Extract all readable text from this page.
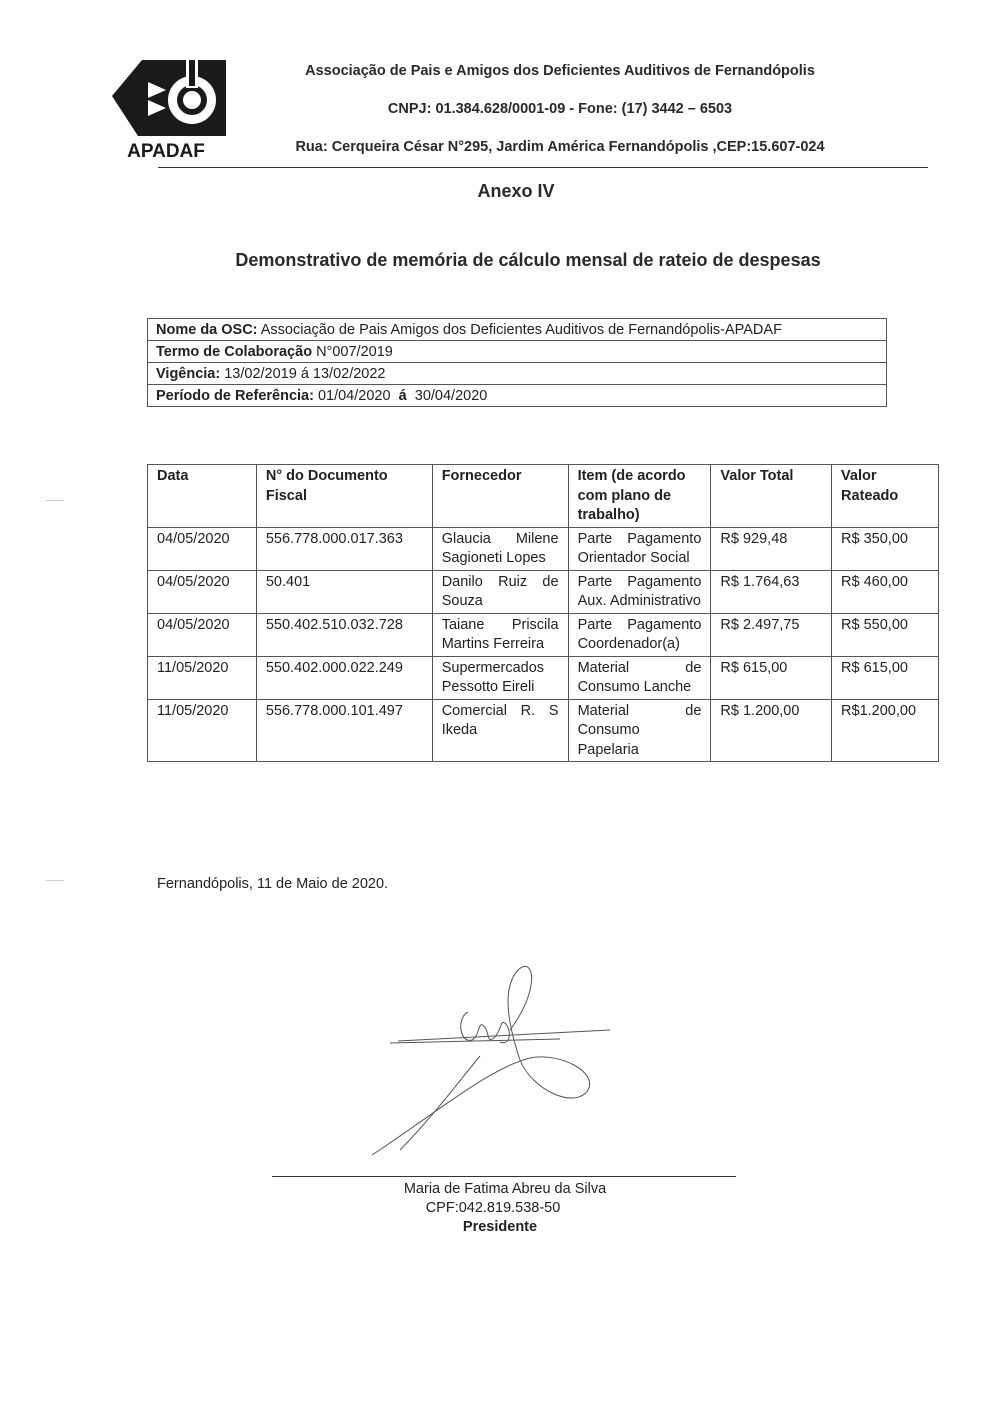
APADAF
Associação de Pais e Amigos dos Deficientes Auditivos de Fernandópolis
CNPJ: 01.384.628/0001-09 - Fone: (17) 3442 – 6503
Rua: Cerqueira César N°295, Jardim América Fernandópolis ,CEP:15.607-024
Anexo IV
Demonstrativo de memória de cálculo mensal de rateio de despesas
Nome da OSC: Associação de Pais Amigos dos Deficientes Auditivos de Fernandópolis-APADAF
Termo de Colaboração N°007/2019
Vigência: 13/02/2019 á 13/02/2022
Período de Referência: 01/04/2020 á 30/04/2020
Data	N° do Documento Fiscal	Fornecedor	Item (de acordo com plano de trabalho)	Valor Total	Valor Rateado
04/05/2020	556.778.000.017.363	Glaucia Milene Sagioneti Lopes	Parte Pagamento Orientador Social	R$ 929,48	R$ 350,00
04/05/2020	50.401	Danilo Ruiz de Souza	Parte Pagamento Aux. Administrativo	R$ 1.764,63	R$ 460,00
04/05/2020	550.402.510.032.728	Taiane Priscila Martins Ferreira	Parte Pagamento Coordenador(a)	R$ 2.497,75	R$ 550,00
11/05/2020	550.402.000.022.249	Supermercados Pessotto Eireli	Material de Consumo Lanche	R$ 615,00	R$ 615,00
11/05/2020	556.778.000.101.497	Comercial R. S Ikeda	Material de Consumo Papelaria	R$ 1.200,00	R$1.200,00
Fernandópolis, 11 de Maio de 2020.
Maria de Fatima Abreu da Silva
CPF:042.819.538-50
Presidente
